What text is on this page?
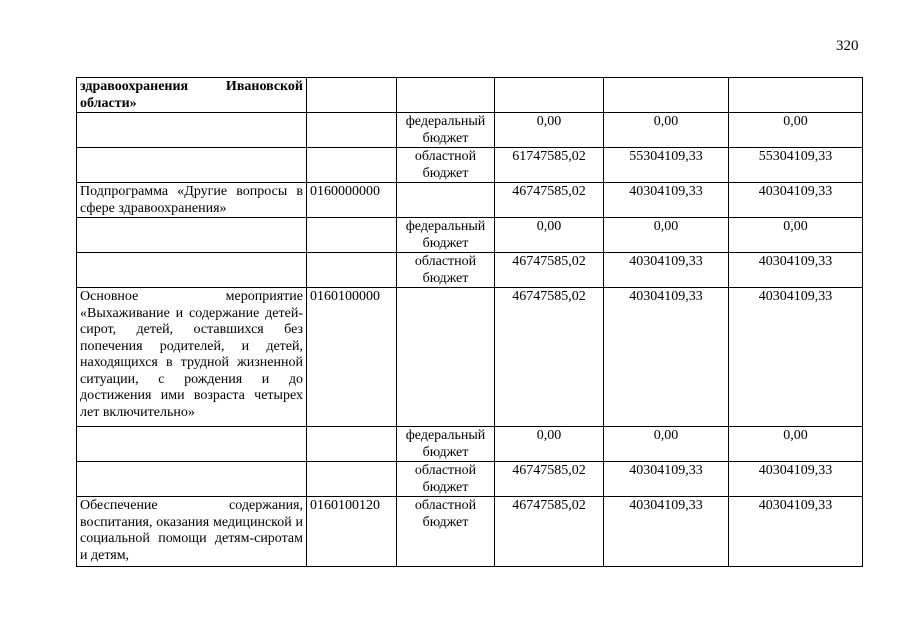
320
здравоохранения Ивановской области»					
		федеральный бюджет	0,00	0,00	0,00
		областной бюджет	61747585,02	55304109,33	55304109,33
Подпрограмма «Другие вопросы в сфере здравоохранения»	0160000000		46747585,02	40304109,33	40304109,33
		федеральный бюджет	0,00	0,00	0,00
		областной бюджет	46747585,02	40304109,33	40304109,33
Основное мероприятие «Выхаживание и содержание детей-сирот, детей, оставшихся без попечения родителей, и детей, находящихся в трудной жизненной ситуации, с рождения и до достижения ими возраста четырех лет включительно»	0160100000		46747585,02	40304109,33	40304109,33
		федеральный бюджет	0,00	0,00	0,00
		областной бюджет	46747585,02	40304109,33	40304109,33
Обеспечение содержания, воспитания, оказания медицинской и социальной помощи детям-сиротам и детям,	0160100120	областной бюджет	46747585,02	40304109,33	40304109,33
